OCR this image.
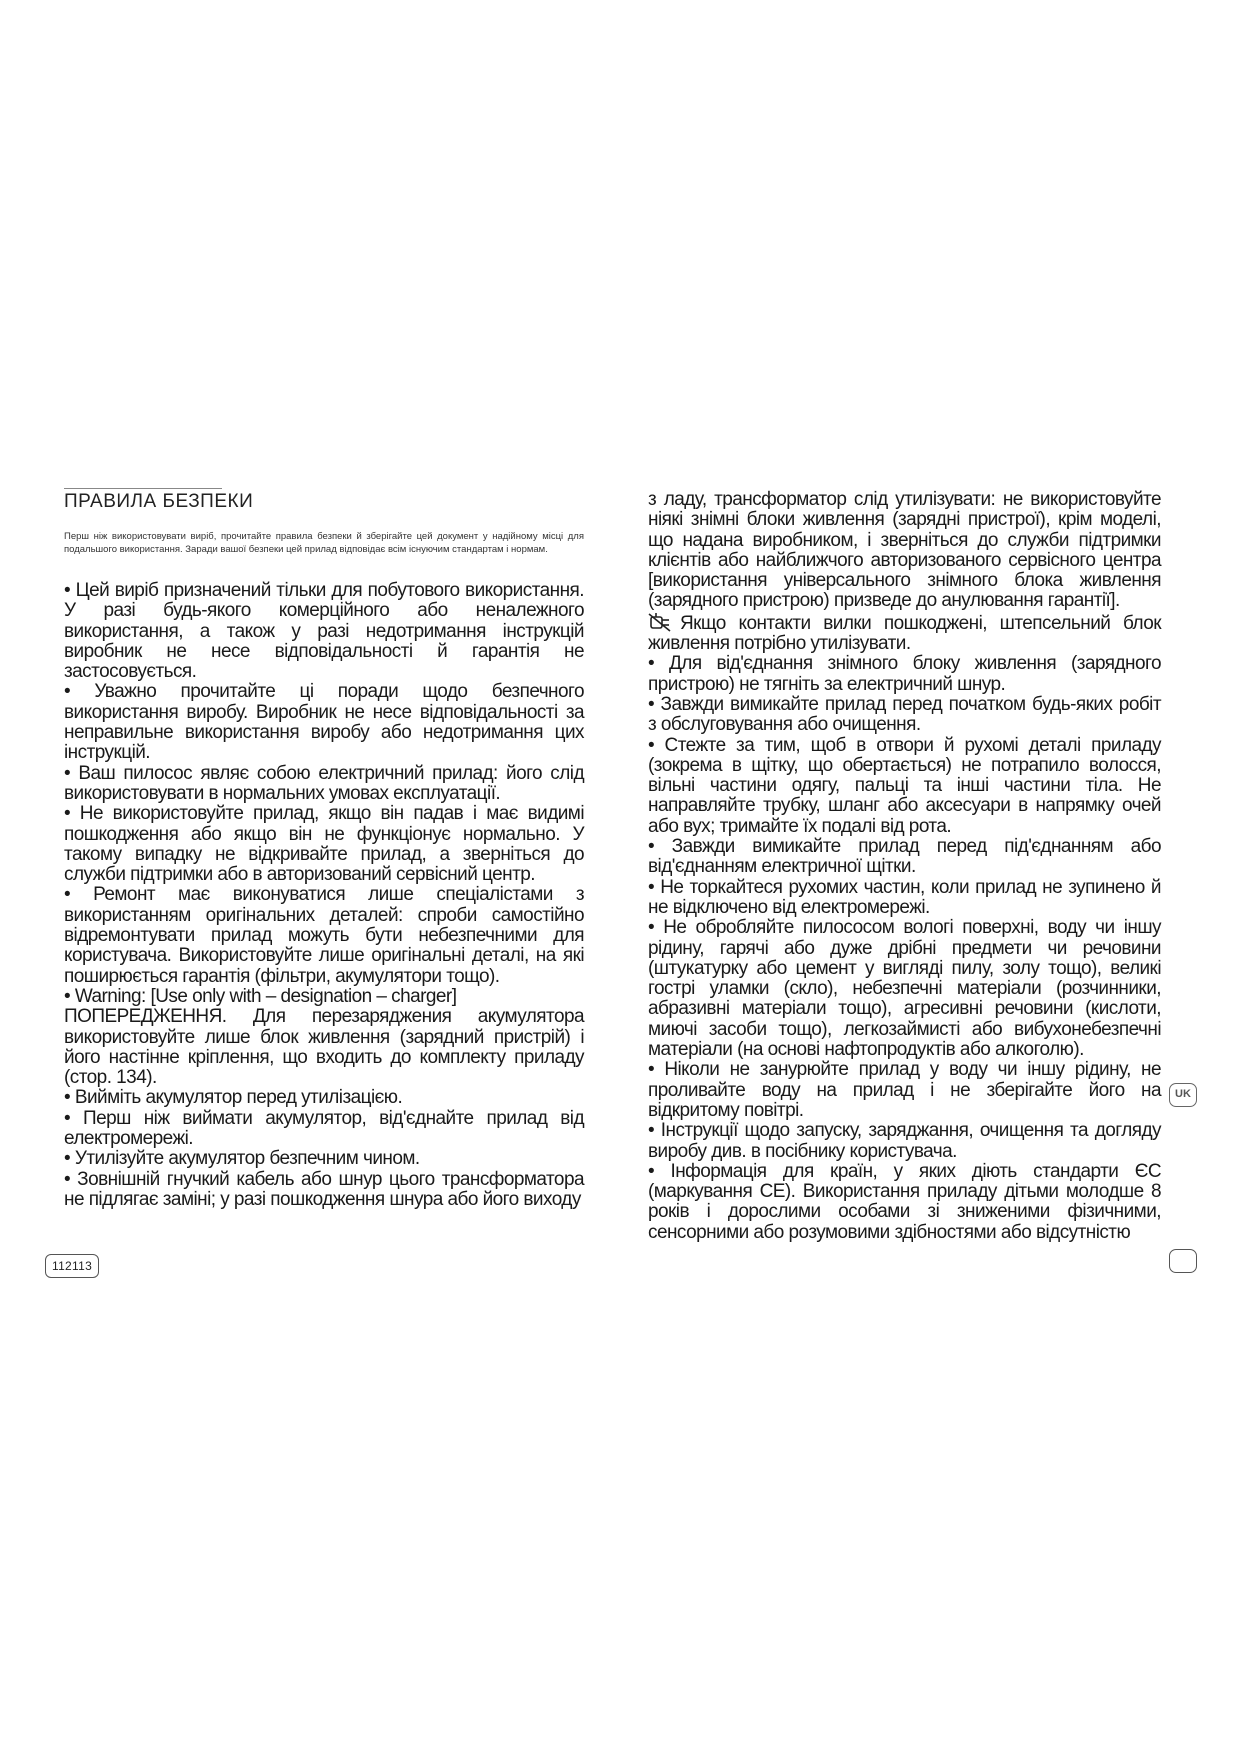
ПРАВИЛА БЕЗПЕКИ
Перш ніж використовувати виріб, прочитайте правила безпеки й зберігайте цей документ у надійному місці для подальшого використання. Заради вашої безпеки цей прилад відповідає всім існуючим стандартам і нормам.

• Цей виріб призначений тільки для побутового використання. У разі будь-якого комерційного або неналежного використання, а також у разі недотримання інструкцій виробник не несе відповідальності й гарантія не застосовується.

• Уважно прочитайте ці поради щодо безпечного використання виробу. Виробник не несе відповідальності за неправильне використання виробу або недотримання цих інструкцій.

• Ваш пилосос являє собою електричний прилад: його слід використовувати в нормальних умовах експлуатації.

• Не використовуйте прилад, якщо він падав і має видимі пошкодження або якщо він не функціонує нормально. У такому випадку не відкривайте прилад, а зверніться до служби підтримки або в авторизований сервісний центр.

• Ремонт має виконуватися лише спеціалістами з використанням оригінальних деталей: спроби самостійно відремонтувати прилад можуть бути небезпечними для користувача. Використовуйте лише оригінальні деталі, на які поширюється гарантія (фільтри, акумулятори тощо).

• Warning: [Use only with – designation – charger]

ПОПЕРЕДЖЕННЯ. Для перезаряджения акумулятора використовуйте лише блок живлення (зарядний пристрій) і його настінне кріплення, що входить до комплекту приладу (стор. 134).

• Вийміть акумулятор перед утилізацією.

• Перш ніж виймати акумулятор, від'єднайте прилад від електромережі.

• Утилізуйте акумулятор безпечним чином.

• Зовнішній гнучкий кабель або шнур цього трансформатора не підлягає заміні; у разі пошкодження шнура або його виходу

з ладу, трансформатор слід утилізувати: не використовуйте ніякі знімні блоки живлення (зарядні пристрої), крім моделі, що надана виробником, і зверніться до служби підтримки клієнтів або найближчого авторизованого сервісного центра [використання універсального знімного блока живлення (зарядного пристрою) призведе до анулювання гарантії].

Якщо контакти вилки пошкоджені, штепсельний блок живлення потрібно утилізувати.

• Для від'єднання знімного блоку живлення (зарядного пристрою) не тягніть за електричний шнур.

• Завжди вимикайте прилад перед початком будь-яких робіт з обслуговування або очищення.

• Стежте за тим, щоб в отвори й рухомі деталі приладу (зокрема в щітку, що обертається) не потрапило волосся, вільні частини одягу, пальці та інші частини тіла. Не направляйте трубку, шланг або аксесуари в напрямку очей або вух; тримайте їх подалі від рота.

• Завжди вимикайте прилад перед під'єднанням або від'єднанням електричної щітки.

• Не торкайтеся рухомих частин, коли прилад не зупинено й не відключено від електромережі.

• Не обробляйте пилососом вологі поверхні, воду чи іншу рідину, гарячі або дуже дрібні предмети чи речовини (штукатурку або цемент у вигляді пилу, золу тощо), великі гострі уламки (скло), небезпечні матеріали (розчинники, абразивні матеріали тощо), агресивні речовини (кислоти, миючі засоби тощо), легкозаймисті або вибухонебезпечні матеріали (на основі нафтопродуктів або алкоголю).

• Ніколи не занурюйте прилад у воду чи іншу рідину, не проливайте воду на прилад і не зберігайте його на відкритому повітрі.

• Інструкції щодо запуску, заряджання, очищення та догляду виробу див. в посібнику користувача.

• Інформація для країн, у яких діють стандарти ЄС (маркування CE). Використання приладу дітьми молодше 8 років і дорослими особами зі зниженими фізичними, сенсорними або розумовими здібностями або відсутністю

112113
UK
